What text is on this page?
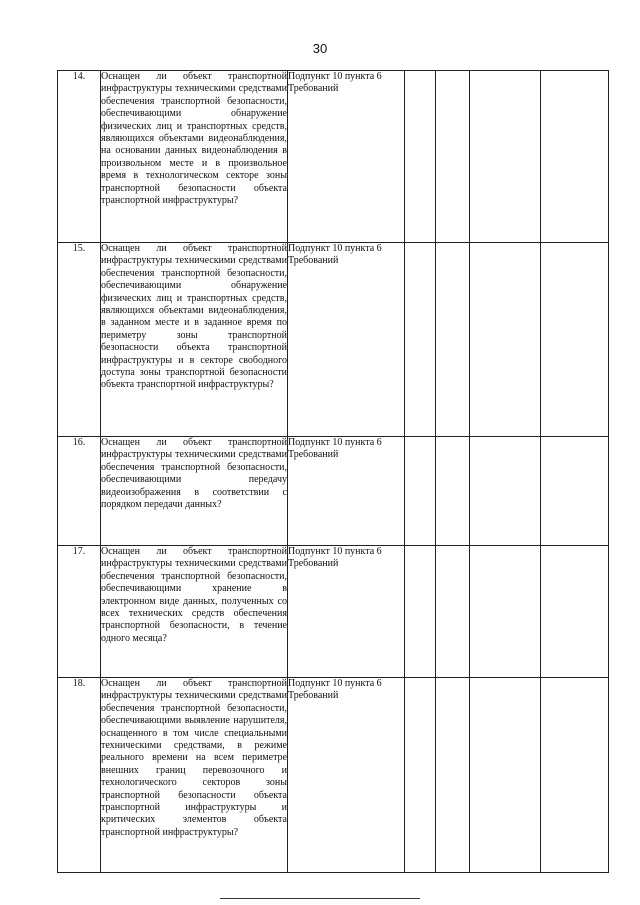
30
14.	Оснащен ли объект транспортной инфраструктуры техническими средствами обеспечения транспортной безопасности, обеспечивающими обнаружение физических лиц и транспортных средств, являющихся объектами видеонаблюдения, на основании данных видеонаблюдения в произвольном месте и в произвольное время в технологическом секторе зоны транспортной безопасности объекта транспортной инфраструктуры?	Подпункт 10 пункта 6 Требований				
15.	Оснащен ли объект транспортной инфраструктуры техническими средствами обеспечения транспортной безопасности, обеспечивающими обнаружение физических лиц и транспортных средств, являющихся объектами видеонаблюдения, в заданном месте и в заданное время по периметру зоны транспортной безопасности объекта транспортной инфраструктуры и в секторе свободного доступа зоны транспортной безопасности объекта транспортной инфраструктуры?	Подпункт 10 пункта 6 Требований				
16.	Оснащен ли объект транспортной инфраструктуры техническими средствами обеспечения транспортной безопасности, обеспечивающими передачу видеоизображения в соответствии с порядком передачи данных?	Подпункт 10 пункта 6 Требований				
17.	Оснащен ли объект транспортной инфраструктуры техническими средствами обеспечения транспортной безопасности, обеспечивающими хранение в электронном виде данных, полученных со всех технических средств обеспечения транспортной безопасности, в течение одного месяца?	Подпункт 10 пункта 6 Требований				
18.	Оснащен ли объект транспортной инфраструктуры техническими средствами обеспечения транспортной безопасности, обеспечивающими выявление нарушителя, оснащенного в том числе специальными техническими средствами, в режиме реального времени на всем периметре внешних границ перевозочного и технологического секторов зоны транспортной безопасности объекта транспортной инфраструктуры и критических элементов объекта транспортной инфраструктуры?	Подпункт 10 пункта 6 Требований				
